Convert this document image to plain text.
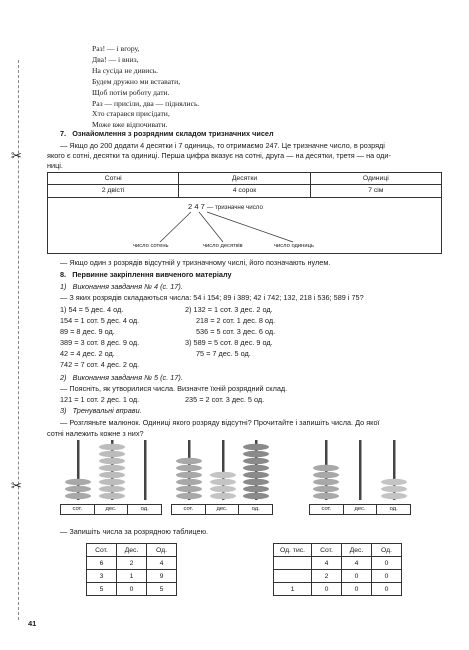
✂
✂
Раз! — і вгору,
Два! — і вниз,
На сусіда не дивись.
Будем дружно ми вставати,
Щоб потім роботу дати.
Раз — присіли, два — піднялись.
Хто старався присідати,
Може вже відпочивати.
7. Ознайомлення з розрядним складом тризначних чисел
— Якщо до 200 додати 4 десятки і 7 одиниць, то отримаємо 247. Це тризначне число, в розряді
якого є сотні, десятки та одиниці. Перша цифра вказує на сотні, друга — на десятки, третя — на оди-
ниці.
Сотні	Десятки	Одиниці
2 двісті	4 сорок	7 сім
2 4 7 — тризначне число
число сотень	число десятків	число одиниць
— Якщо один з розрядів відсутній у тризначному числі, його позначають нулем.
8. Первинне закріплення вивченого матеріалу
1) Виконання завдання № 4 (с. 17).
— З яких розрядів складаються числа: 54 і 154; 89 і 389; 42 і 742; 132, 218 і 536; 589 і 75?
1) 54 = 5 дес. 4 од.
154 = 1 сот. 5 дес. 4 од.
89 = 8 дес. 9 од.
389 = 3 сот. 8 дес. 9 од.
42 = 4 дес. 2 од.
742 = 7 сот. 4 дес. 2 од.
2) 132 = 1 сот. 3 дес. 2 од.
218 = 2 сот. 1 дес. 8 од.
536 = 5 сот. 3 дес. 6 од.
3) 589 = 5 сот. 8 дес. 9 од.
75 = 7 дес. 5 од.
2) Виконання завдання № 5 (с. 17).
— Поясніть, як утворилися числа. Визначте їхній розрядний склад.
121 = 1 сот. 2 дес. 1 од.	235 = 2 сот. 3 дес. 5 од.
3) Тренувальні вправи.
— Розгляньте малюнок. Одиниці якого розряду відсутні? Прочитайте і запишіть числа. До якої
сотні належить кожне з них?
сот.	дес.	од.	сот.	дес.	од.	сот.	дес.	од.
— Запишіть числа за розрядною таблицею.
Сот.	Дес.	Од.
6	2	4
3	1	9
5	0	5
Од. тис.	Сот.	Дес.	Од.
	4	4	0
	2	0	0
1	0	0	0
41
